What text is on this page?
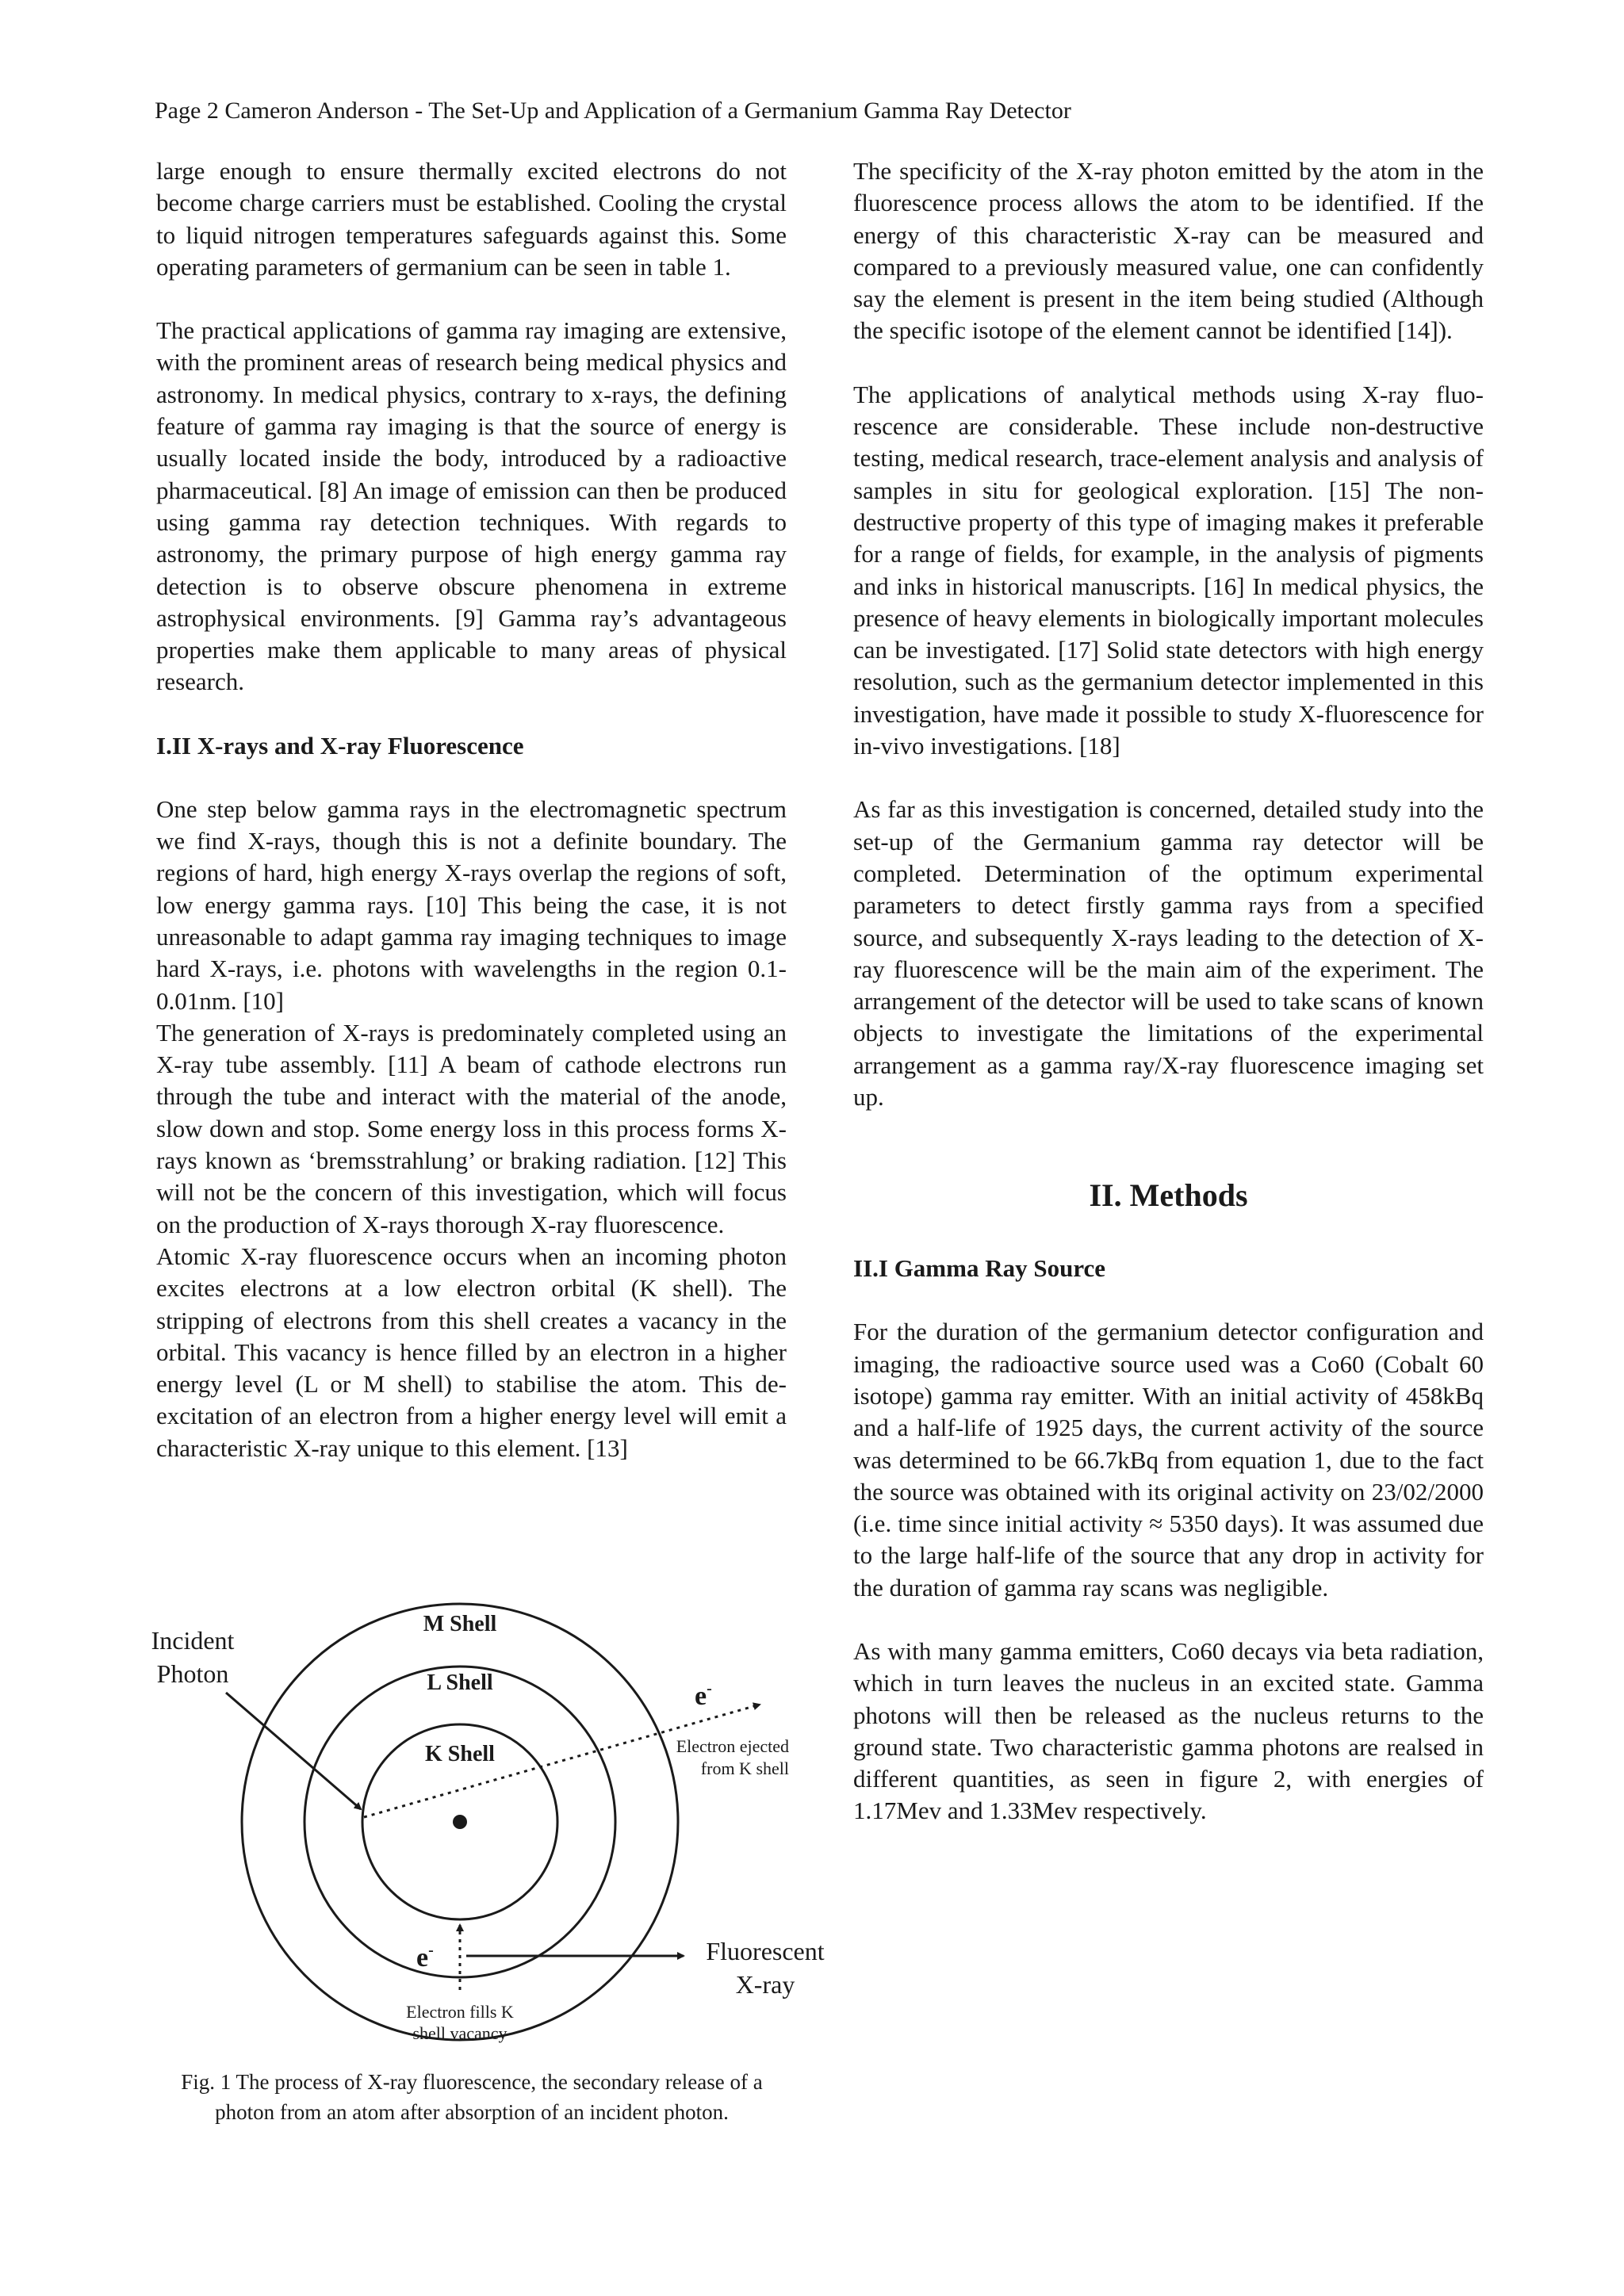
Page 2 Cameron Anderson - The Set-Up and Application of a Germanium Gamma Ray Detector

large enough to ensure thermally excited electrons do not become charge carriers must be established. Cooling the crystal to liquid nitrogen temperatures safeguards against this. Some operating parameters of germanium can be seen in table 1.

The practical applications of gamma ray imaging are extensive, with the prominent areas of research being medical physics and astronomy. In medical physics, contrary to x-rays, the defining feature of gamma ray imaging is that the source of energy is usually located inside the body, introduced by a radioactive pharmaceutical. [8] An image of emission can then be produced using gamma ray detection techniques. With regards to astronomy, the primary purpose of high energy gamma ray detection is to observe obscure phenomena in extreme astrophysical environments. [9] Gamma ray’s advantageous properties make them applicable to many areas of physical research.

I.II X-rays and X-ray Fluorescence

One step below gamma rays in the electromagnetic spectrum we find X-rays, though this is not a definite boundary. The regions of hard, high energy X-rays overlap the regions of soft, low energy gamma rays. [10] This being the case, it is not unreasonable to adapt gamma ray imaging techniques to image hard X-rays, i.e. photons with wavelengths in the region 0.1-0.01nm. [10]

The generation of X-rays is predominately completed using an X-ray tube assembly. [11] A beam of cathode electrons run through the tube and interact with the material of the anode, slow down and stop. Some energy loss in this process forms X-rays known as ‘bremsstrahlung’ or braking radiation. [12] This will not be the concern of this investigation, which will focus on the production of X-rays thorough X-ray fluorescence.

Atomic X-ray fluorescence occurs when an incoming photon excites electrons at a low electron orbital (K shell). The stripping of electrons from this shell creates a vacancy in the orbital. This vacancy is hence filled by an electron in a higher energy level (L or M shell) to stabilise the atom. This de-excitation of an electron from a higher energy level will emit a characteristic X-ray unique to this element. [13]

M Shell
L Shell
K Shell
Incident
Photon
e-
Electron ejected
from K shell
e-
Electron fills K
shell vacancy
Fluorescent
X-ray
Fig. 1 The process of X-ray fluorescence, the secondary release of a photon from an atom after absorption of an incident photon.

The specificity of the X-ray photon emitted by the atom in the fluorescence process allows the atom to be identified. If the energy of this characteristic X-ray can be measured and compared to a previously measured value, one can confidently say the element is present in the item being studied (Although the specific isotope of the element cannot be identified [14]).

The applications of analytical methods using X-ray fluorescence are considerable. These include non-destructive testing, medical research, trace-element analysis and analysis of samples in situ for geological exploration. [15] The non-destructive property of this type of imaging makes it preferable for a range of fields, for example, in the analysis of pigments and inks in historical manuscripts. [16] In medical physics, the presence of heavy elements in biologically important molecules can be investigated. [17] Solid state detectors with high energy resolution, such as the germanium detector implemented in this investigation, have made it possible to study X-fluorescence for in-vivo investigations. [18]

As far as this investigation is concerned, detailed study into the set-up of the Germanium gamma ray detector will be completed. Determination of the optimum experimental parameters to detect firstly gamma rays from a specified source, and subsequently X-rays leading to the detection of X-ray fluorescence will be the main aim of the experiment. The arrangement of the detector will be used to take scans of known objects to investigate the limitations of the experimental arrangement as a gamma ray/X-ray fluorescence imaging set up.

II. Methods
II.I Gamma Ray Source

For the duration of the germanium detector configuration and imaging, the radioactive source used was a Co60 (Cobalt 60 isotope) gamma ray emitter. With an initial activity of 458kBq and a half-life of 1925 days, the current activity of the source was determined to be 66.7kBq from equation 1, due to the fact the source was obtained with its original activity on 23/02/2000 (i.e. time since initial activity ≈ 5350 days). It was assumed due to the large half-life of the source that any drop in activity for the duration of gamma ray scans was negligible.

As with many gamma emitters, Co60 decays via beta radiation, which in turn leaves the nucleus in an excited state. Gamma photons will then be released as the nucleus returns to the ground state. Two characteristic gamma photons are realsed in different quantities, as seen in figure 2, with energies of 1.17Mev and 1.33Mev respectively.
